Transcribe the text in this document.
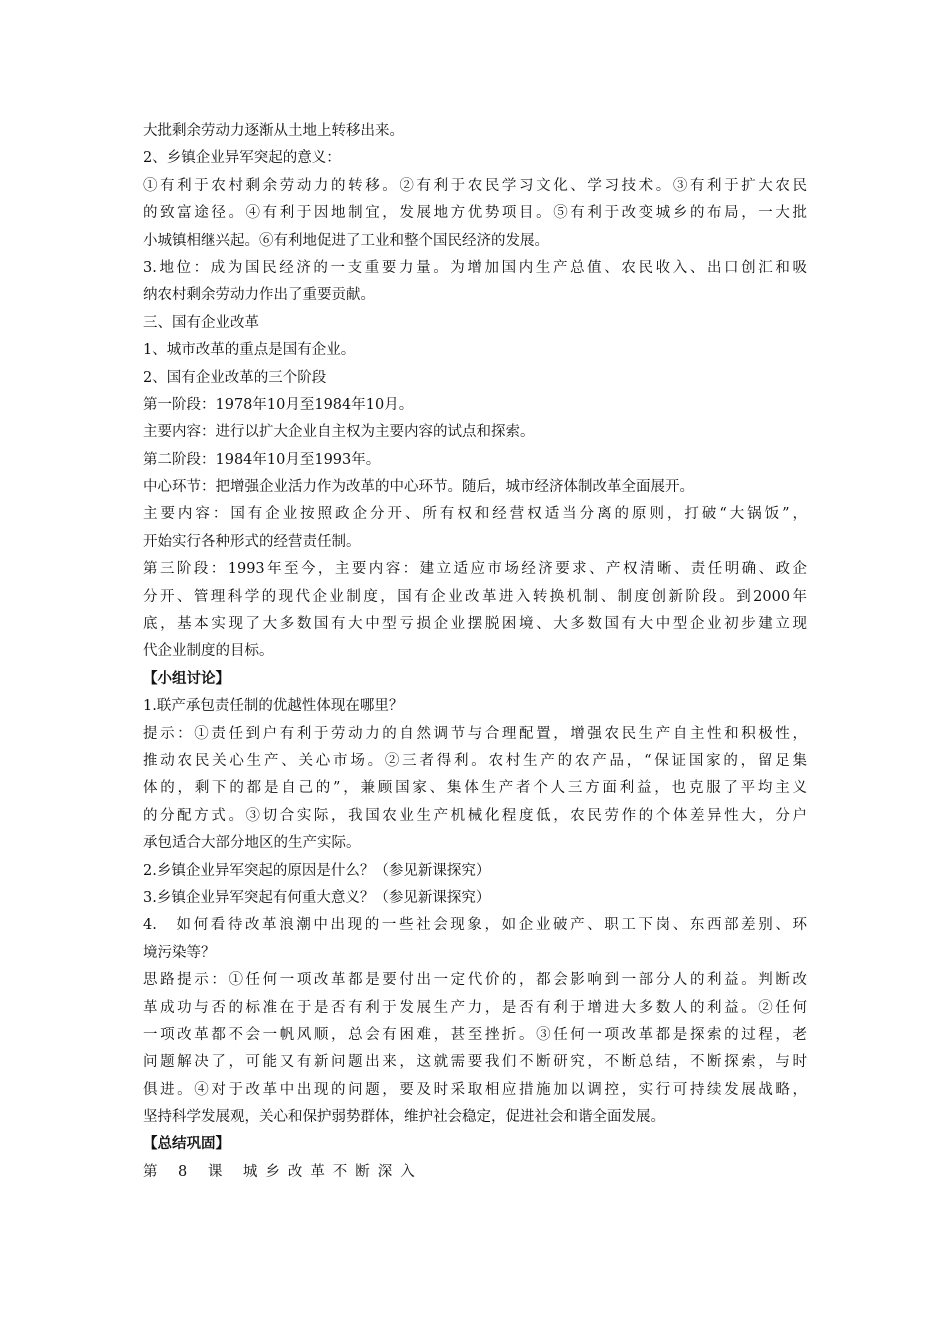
大批剩余劳动力逐渐从土地上转移出来。
2、乡镇企业异军突起的意义：
①有利于农村剩余劳动力的转移。②有利于农民学习文化、学习技术。③有利于扩大农民
的致富途径。④有利于因地制宜，发展地方优势项目。⑤有利于改变城乡的布局，一大批
小城镇相继兴起。⑥有利地促进了工业和整个国民经济的发展。
3.地位：成为国民经济的一支重要力量。为增加国内生产总值、农民收入、出口创汇和吸
纳农村剩余劳动力作出了重要贡献。
三、国有企业改革
1、城市改革的重点是国有企业。
2、国有企业改革的三个阶段
第一阶段：1978年10月至1984年10月。
主要内容：进行以扩大企业自主权为主要内容的试点和探索。
第二阶段：1984年10月至1993年。
中心环节：把增强企业活力作为改革的中心环节。随后，城市经济体制改革全面展开。
主要内容：国有企业按照政企分开、所有权和经营权适当分离的原则，打破“大锅饭”，
开始实行各种形式的经营责任制。
第三阶段：1993年至今，主要内容：建立适应市场经济要求、产权清晰、责任明确、政企
分开、管理科学的现代企业制度，国有企业改革进入转换机制、制度创新阶段。到2000年
底，基本实现了大多数国有大中型亏损企业摆脱困境、大多数国有大中型企业初步建立现
代企业制度的目标。
【小组讨论】
1.联产承包责任制的优越性体现在哪里？
提示：①责任到户有利于劳动力的自然调节与合理配置，增强农民生产自主性和积极性，
推动农民关心生产、关心市场。②三者得利。农村生产的农产品，“保证国家的，留足集
体的，剩下的都是自己的”，兼顾国家、集体生产者个人三方面利益，也克服了平均主义
的分配方式。③切合实际，我国农业生产机械化程度低，农民劳作的个体差异性大，分户
承包适合大部分地区的生产实际。
2.乡镇企业异军突起的原因是什么？（参见新课探究）
3.乡镇企业异军突起有何重大意义？（参见新课探究）
4.　如何看待改革浪潮中出现的一些社会现象，如企业破产、职工下岗、东西部差别、环
境污染等？
思路提示：①任何一项改革都是要付出一定代价的，都会影响到一部分人的利益。判断改
革成功与否的标准在于是否有利于发展生产力，是否有利于增进大多数人的利益。②任何
一项改革都不会一帆风顺，总会有困难，甚至挫折。③任何一项改革都是探索的过程，老
问题解决了，可能又有新问题出来，这就需要我们不断研究，不断总结，不断探索，与时
俱进。④对于改革中出现的问题，要及时采取相应措施加以调控，实行可持续发展战略，
坚持科学发展观，关心和保护弱势群体，维护社会稳定，促进社会和谐全面发展。
【总结巩固】
第 8 课 城乡改革不断深入
